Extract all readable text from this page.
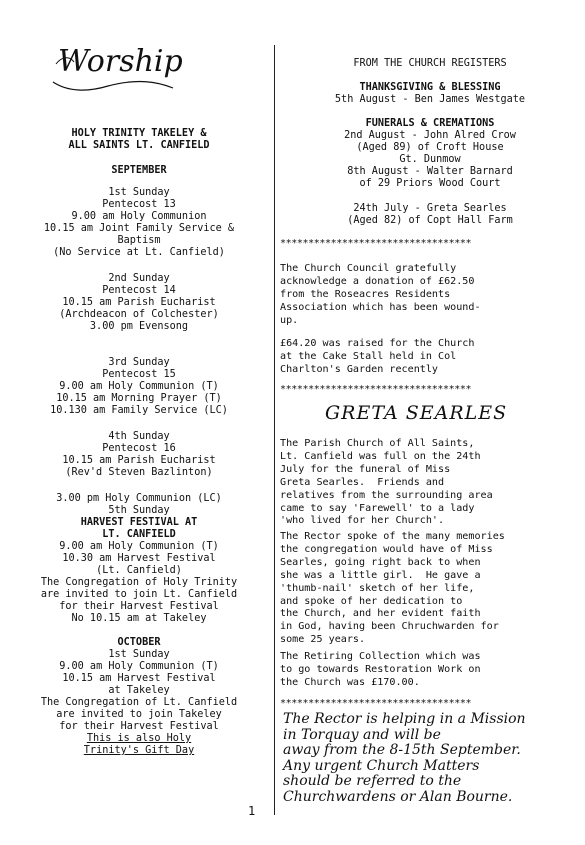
Worship
HOLY TRINITY TAKELEY &
ALL SAINTS LT. CANFIELD
SEPTEMBER
1st Sunday
Pentecost 13
9.00 am Holy Communion
10.15 am Joint Family Service &
Baptism
(No Service at Lt. Canfield)
2nd Sunday
Pentecost 14
10.15 am Parish Eucharist
(Archdeacon of Colchester)
3.00 pm Evensong
3rd Sunday
Pentecost 15
9.00 am Holy Communion (T)
10.15 am Morning Prayer (T)
10.130 am Family Service (LC)
4th Sunday
Pentecost 16
10.15 am Parish Eucharist
(Rev'd Steven Bazlinton)
3.00 pm Holy Communion (LC)
5th Sunday
HARVEST FESTIVAL AT
LT. CANFIELD
9.00 am Holy Communion (T)
10.30 am Harvest Festival
(Lt. Canfield)
The Congregation of Holy Trinity
are invited to join Lt. Canfield
for their Harvest Festival
No 10.15 am at Takeley
OCTOBER
1st Sunday
9.00 am Holy Communion (T)
10.15 am Harvest Festival
at Takeley
The Congregation of Lt. Canfield
are invited to join Takeley
for their Harvest Festival
This is also Holy
Trinity's Gift Day
FROM THE CHURCH REGISTERS
THANKSGIVING & BLESSING
5th August - Ben James Westgate
FUNERALS & CREMATIONS
2nd August - John Alred Crow
(Aged 89) of Croft House
Gt. Dunmow
8th August - Walter Barnard
of 29 Priors Wood Court
24th July - Greta Searles
(Aged 82) of Copt Hall Farm
**********************************
The Church Council gratefully
acknowledge a donation of £62.50
from the Roseacres Residents
Association which has been wound-
up.
£64.20 was raised for the Church
at the Cake Stall held in Col
Charlton's Garden recently
**********************************
GRETA SEARLES
The Parish Church of All Saints,
Lt. Canfield was full on the 24th
July for the funeral of Miss
Greta Searles.  Friends and
relatives from the surrounding area
came to say 'Farewell' to a lady
'who lived for her Church'.
The Rector spoke of the many memories
the congregation would have of Miss
Searles, going right back to when
she was a little girl.  He gave a
'thumb-nail' sketch of her life,
and spoke of her dedication to
the Church, and her evident faith
in God, having been Chruchwarden for
some 25 years.
The Retiring Collection which was
to go towards Restoration Work on
the Church was £170.00.
**********************************
The Rector is helping in a Mission
in Torquay and will be
away from the 8-15th September.
Any urgent Church Matters
should be referred to the
Churchwardens or Alan Bourne.
1
